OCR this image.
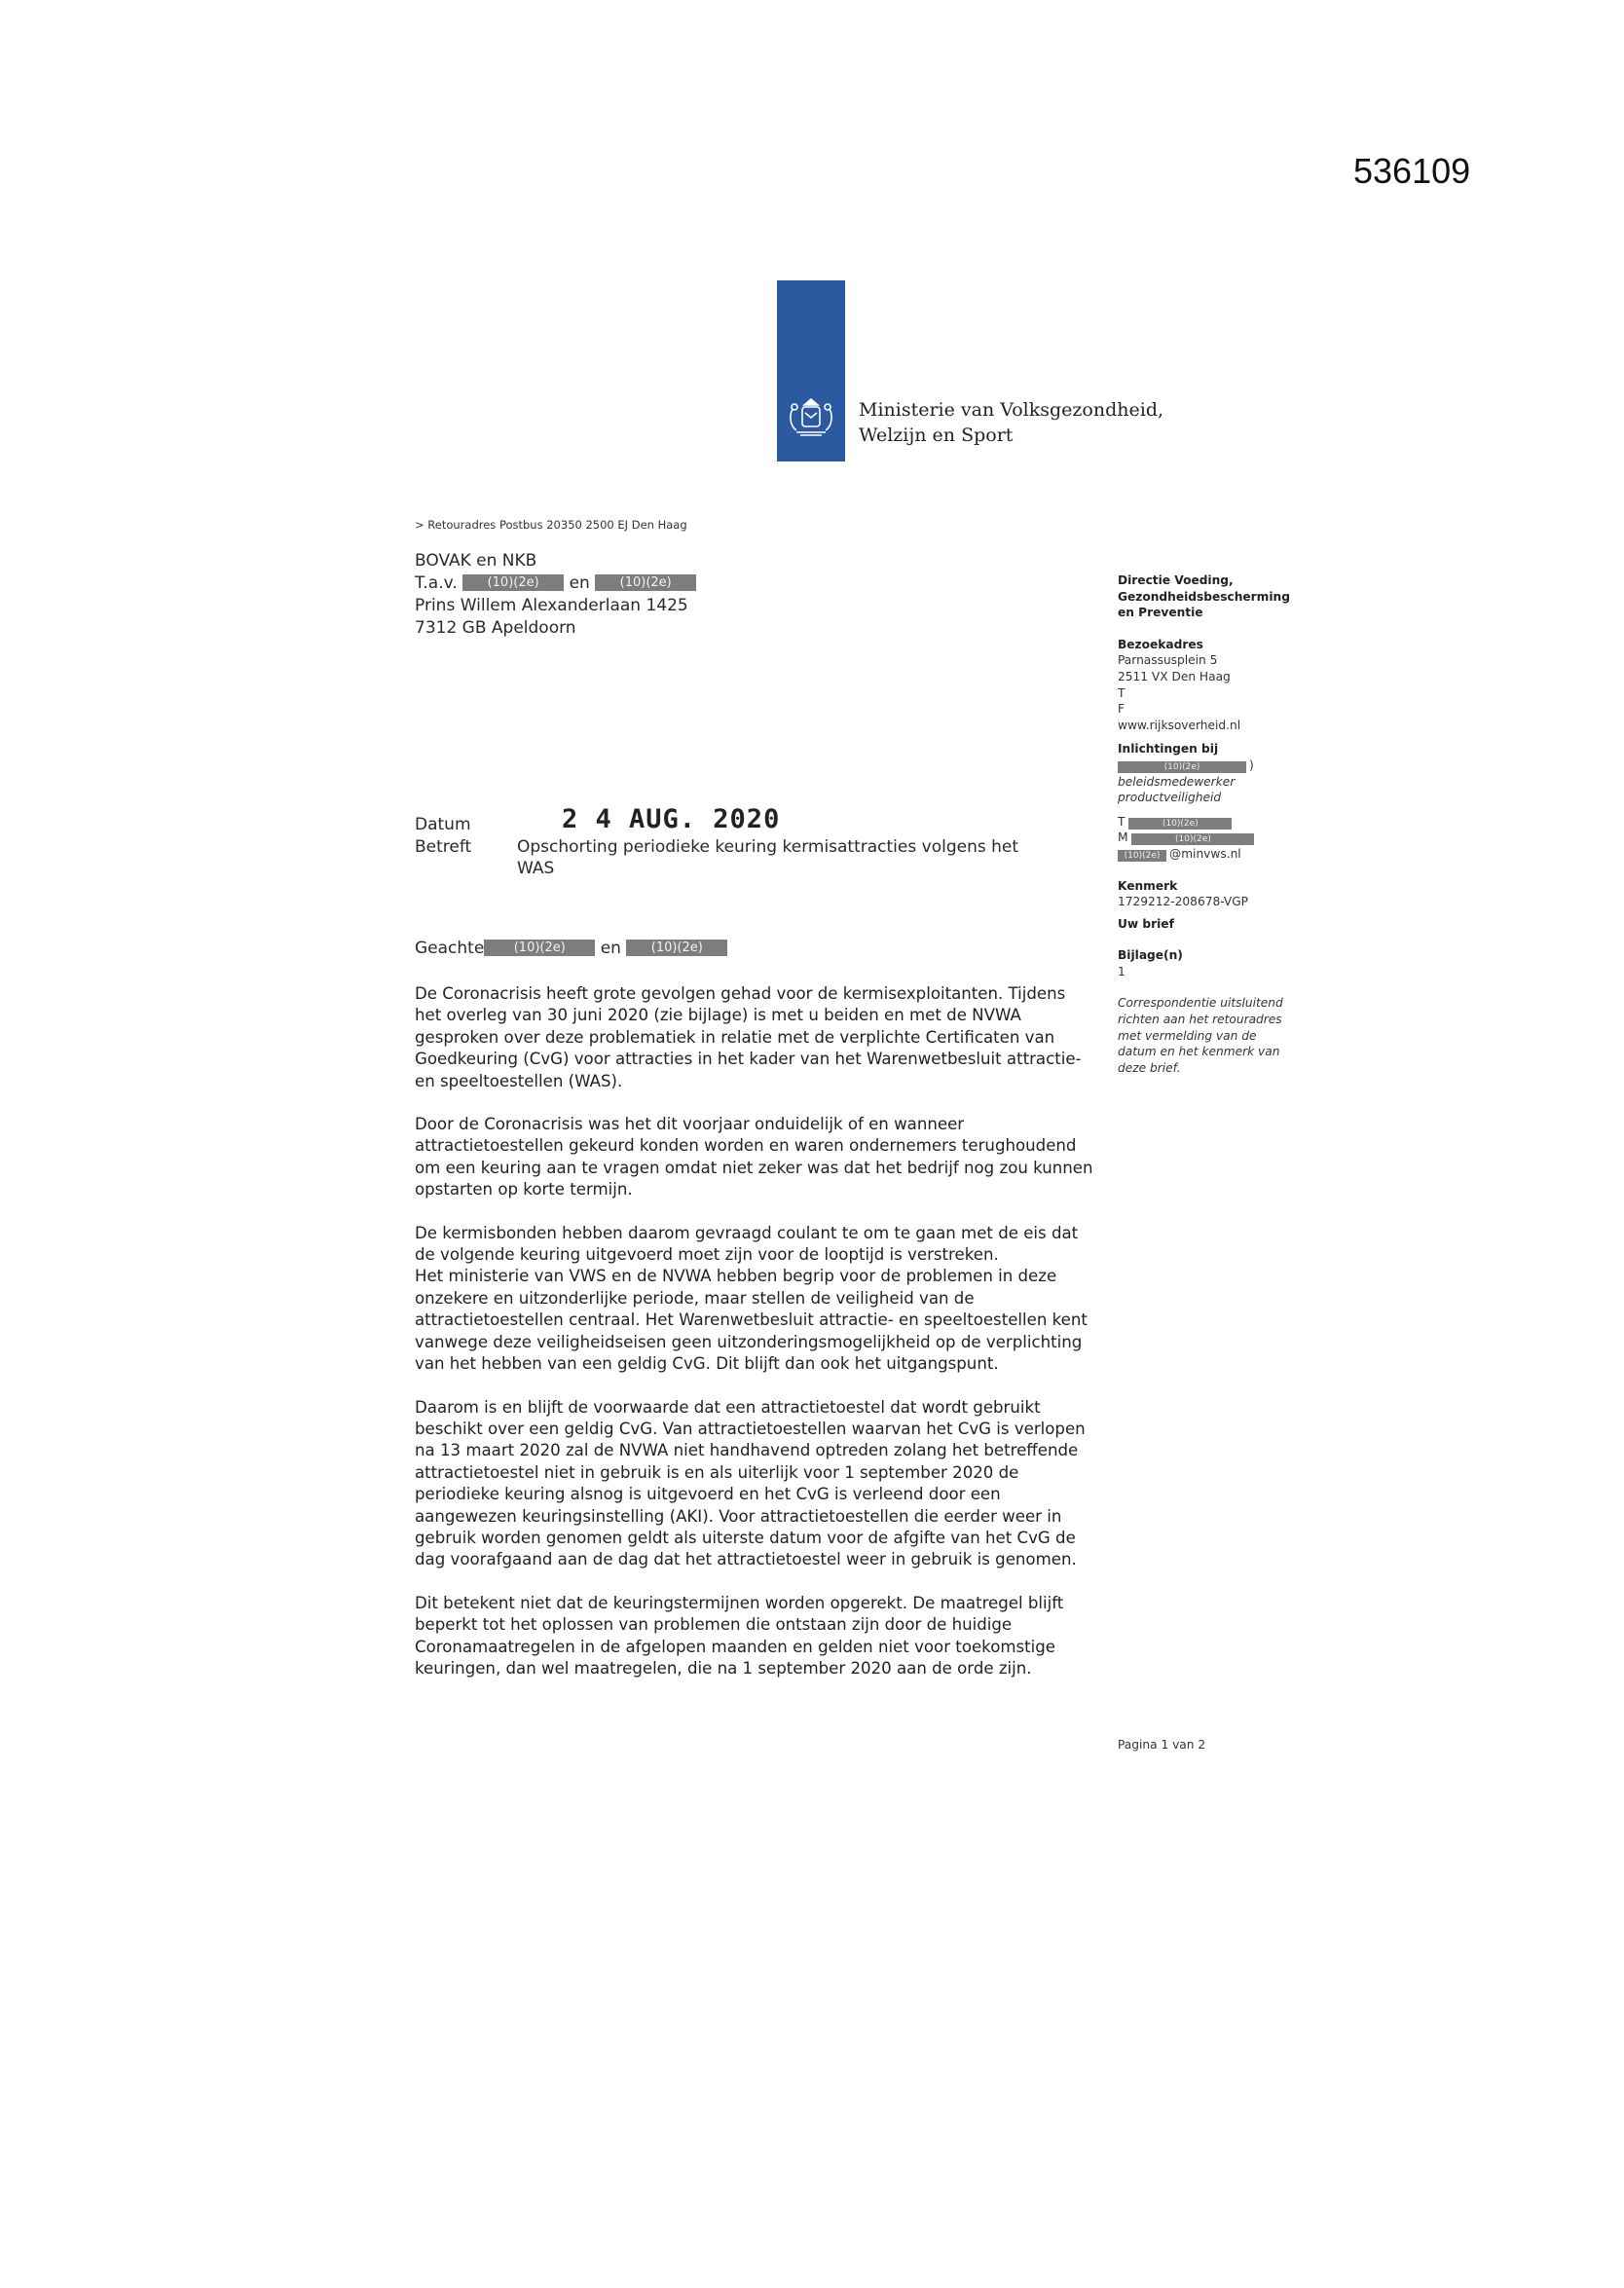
536109
Ministerie van Volksgezondheid,
Welzijn en Sport
> Retouradres Postbus 20350 2500 EJ Den Haag
BOVAK en NKB
T.a.v. (10)(2e) en (10)(2e)
Prins Willem Alexanderlaan 1425
7312 GB Apeldoorn
Datum	2 4 AUG. 2020
Betreft	Opschorting periodieke keuring kermisattracties volgens het WAS
Geachte (10)(2e) en (10)(2e)

De Coronacrisis heeft grote gevolgen gehad voor de kermisexploitanten. Tijdens het overleg van 30 juni 2020 (zie bijlage) is met u beiden en met de NVWA gesproken over deze problematiek in relatie met de verplichte Certificaten van Goedkeuring (CvG) voor attracties in het kader van het Warenwetbesluit attractie- en speeltoestellen (WAS).

Door de Coronacrisis was het dit voorjaar onduidelijk of en wanneer attractietoestellen gekeurd konden worden en waren ondernemers terughoudend om een keuring aan te vragen omdat niet zeker was dat het bedrijf nog zou kunnen opstarten op korte termijn.

De kermisbonden hebben daarom gevraagd coulant te om te gaan met de eis dat de volgende keuring uitgevoerd moet zijn voor de looptijd is verstreken.

Het ministerie van VWS en de NVWA hebben begrip voor de problemen in deze onzekere en uitzonderlijke periode, maar stellen de veiligheid van de attractietoestellen centraal. Het Warenwetbesluit attractie- en speeltoestellen kent vanwege deze veiligheidseisen geen uitzonderingsmogelijkheid op de verplichting van het hebben van een geldig CvG. Dit blijft dan ook het uitgangspunt.

Daarom is en blijft de voorwaarde dat een attractietoestel dat wordt gebruikt beschikt over een geldig CvG. Van attractietoestellen waarvan het CvG is verlopen na 13 maart 2020 zal de NVWA niet handhavend optreden zolang het betreffende attractietoestel niet in gebruik is en als uiterlijk voor 1 september 2020 de periodieke keuring alsnog is uitgevoerd en het CvG is verleend door een aangewezen keuringsinstelling (AKI). Voor attractietoestellen die eerder weer in gebruik worden genomen geldt als uiterste datum voor de afgifte van het CvG de dag voorafgaand aan de dag dat het attractietoestel weer in gebruik is genomen.

Dit betekent niet dat de keuringstermijnen worden opgerekt. De maatregel blijft beperkt tot het oplossen van problemen die ontstaan zijn door de huidige Coronamaatregelen in de afgelopen maanden en gelden niet voor toekomstige keuringen, dan wel maatregelen, die na 1 september 2020 aan de orde zijn.

Directie Voeding,
Gezondheidsbescherming
en Preventie
Bezoekadres
Parnassusplein 5
2511 VX Den Haag
T
F
www.rijksoverheid.nl
Inlichtingen bij
(10)(2e)	)
beleidsmedewerker
productveiligheid
T	(10)(2e)
M	(10)(2e)
(10)(2e) @minvws.nl
Kenmerk
1729212-208678-VGP
Uw brief
Bijlage(n)
1
Correspondentie uitsluitend
richten aan het retouradres
met vermelding van de
datum en het kenmerk van
deze brief.
Pagina 1 van 2
